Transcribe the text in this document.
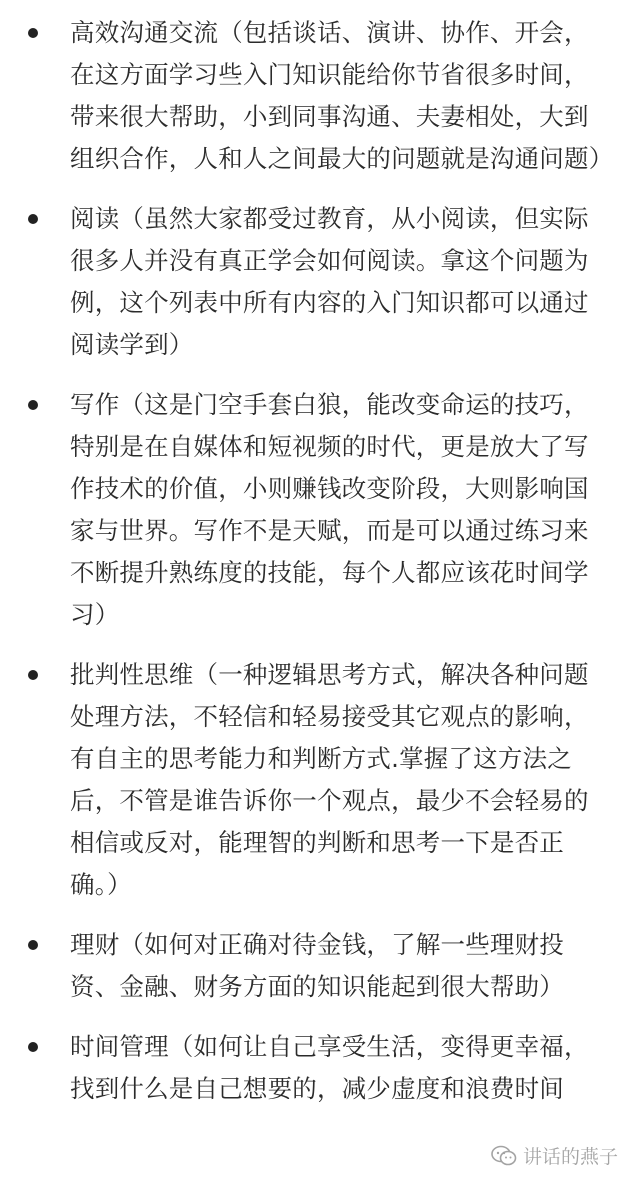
高效沟通交流（包括谈话、演讲、协作、开会，在这方面学习些入门知识能给你节省很多时间，带来很大帮助，小到同事沟通、夫妻相处，大到组织合作，人和人之间最大的问题就是沟通问题）
阅读（虽然大家都受过教育，从小阅读，但实际很多人并没有真正学会如何阅读。拿这个问题为例，这个列表中所有内容的入门知识都可以通过阅读学到）
写作（这是门空手套白狼，能改变命运的技巧，特别是在自媒体和短视频的时代，更是放大了写作技术的价值，小则赚钱改变阶段，大则影响国家与世界。写作不是天赋，而是可以通过练习来不断提升熟练度的技能，每个人都应该花时间学习）
批判性思维（一种逻辑思考方式，解决各种问题处理方法，不轻信和轻易接受其它观点的影响，有自主的思考能力和判断方式.掌握了这方法之后，不管是谁告诉你一个观点，最少不会轻易的相信或反对，能理智的判断和思考一下是否正确。）
理财（如何对正确对待金钱，了解一些理财投资、金融、财务方面的知识能起到很大帮助）
时间管理（如何让自己享受生活，变得更幸福，找到什么是自己想要的，减少虚度和浪费时间
讲话的燕子
